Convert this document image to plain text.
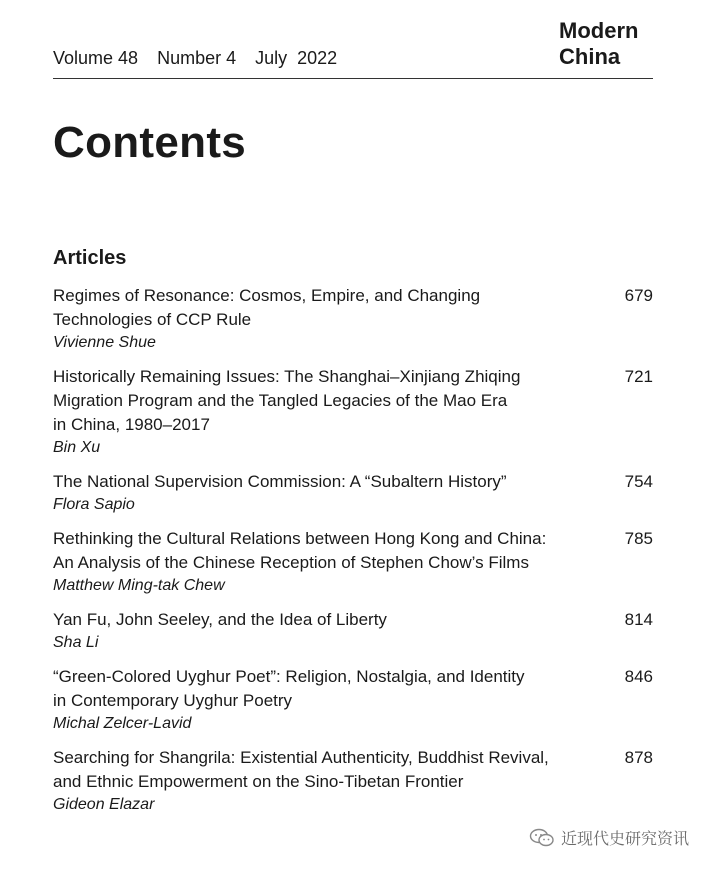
Volume 48 Number 4 July  2022
Modern
China
Contents
Articles
Regimes of Resonance: Cosmos, Empire, and Changing
Technologies of CCP Rule
Vivienne Shue
679
Historically Remaining Issues: The Shanghai–Xinjiang Zhiqing
Migration Program and the Tangled Legacies of the Mao Era
in China, 1980–2017
Bin Xu
721
The National Supervision Commission: A “Subaltern History”
Flora Sapio
754
Rethinking the Cultural Relations between Hong Kong and China:
An Analysis of the Chinese Reception of Stephen Chow’s Films
Matthew Ming-tak Chew
785
Yan Fu, John Seeley, and the Idea of Liberty
Sha Li
814
“Green-Colored Uyghur Poet”: Religion, Nostalgia, and Identity
in Contemporary Uyghur Poetry
Michal Zelcer-Lavid
846
Searching for Shangrila: Existential Authenticity, Buddhist Revival,
and Ethnic Empowerment on the Sino-Tibetan Frontier
Gideon Elazar
878
近现代史研究资讯
